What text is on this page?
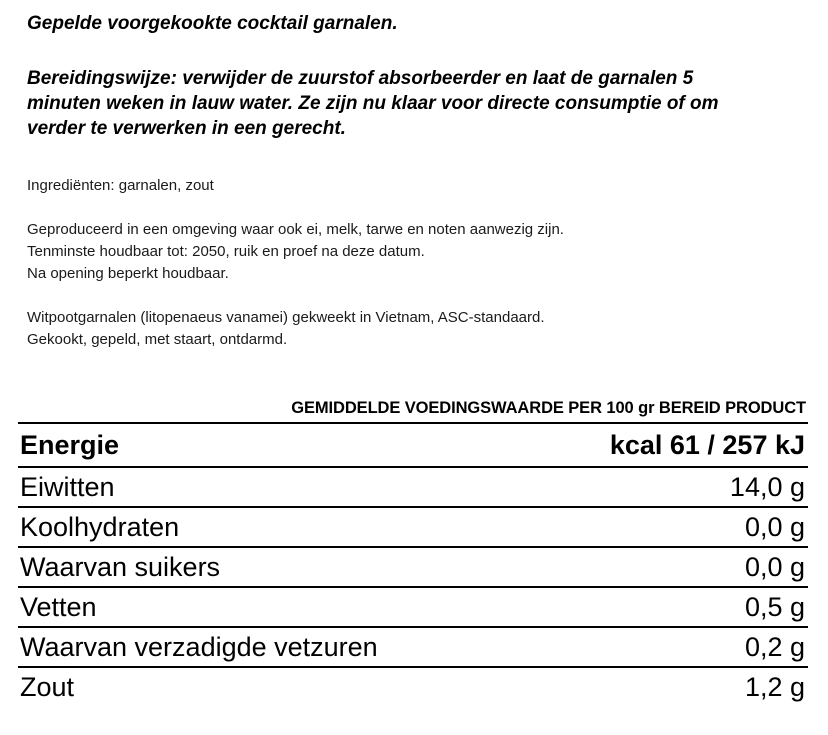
Gepelde voorgekookte cocktail garnalen.

Bereidingswijze: verwijder de zuurstof absorbeerder en laat de garnalen 5 minuten weken in lauw water. Ze zijn nu klaar voor directe consumptie of om verder te verwerken in een gerecht.

Ingrediënten: garnalen, zout

Geproduceerd in een omgeving waar ook ei, melk, tarwe en noten aanwezig zijn.
Tenminste houdbaar tot: 2050, ruik en proef na deze datum.
Na opening beperkt houdbaar.
Witpootgarnalen (litopenaeus vanamei) gekweekt in Vietnam, ASC-standaard.
Gekookt, gepeld, met staart, ontdarmd.

GEMIDDELDE VOEDINGSWAARDE PER 100 gr BEREID PRODUCT

Energie	kcal 61 / 257 kJ
Eiwitten	14,0 g
Koolhydraten	0,0 g
Waarvan suikers	0,0 g
Vetten	0,5 g
Waarvan verzadigde vetzuren	0,2 g
Zout	1,2 g
